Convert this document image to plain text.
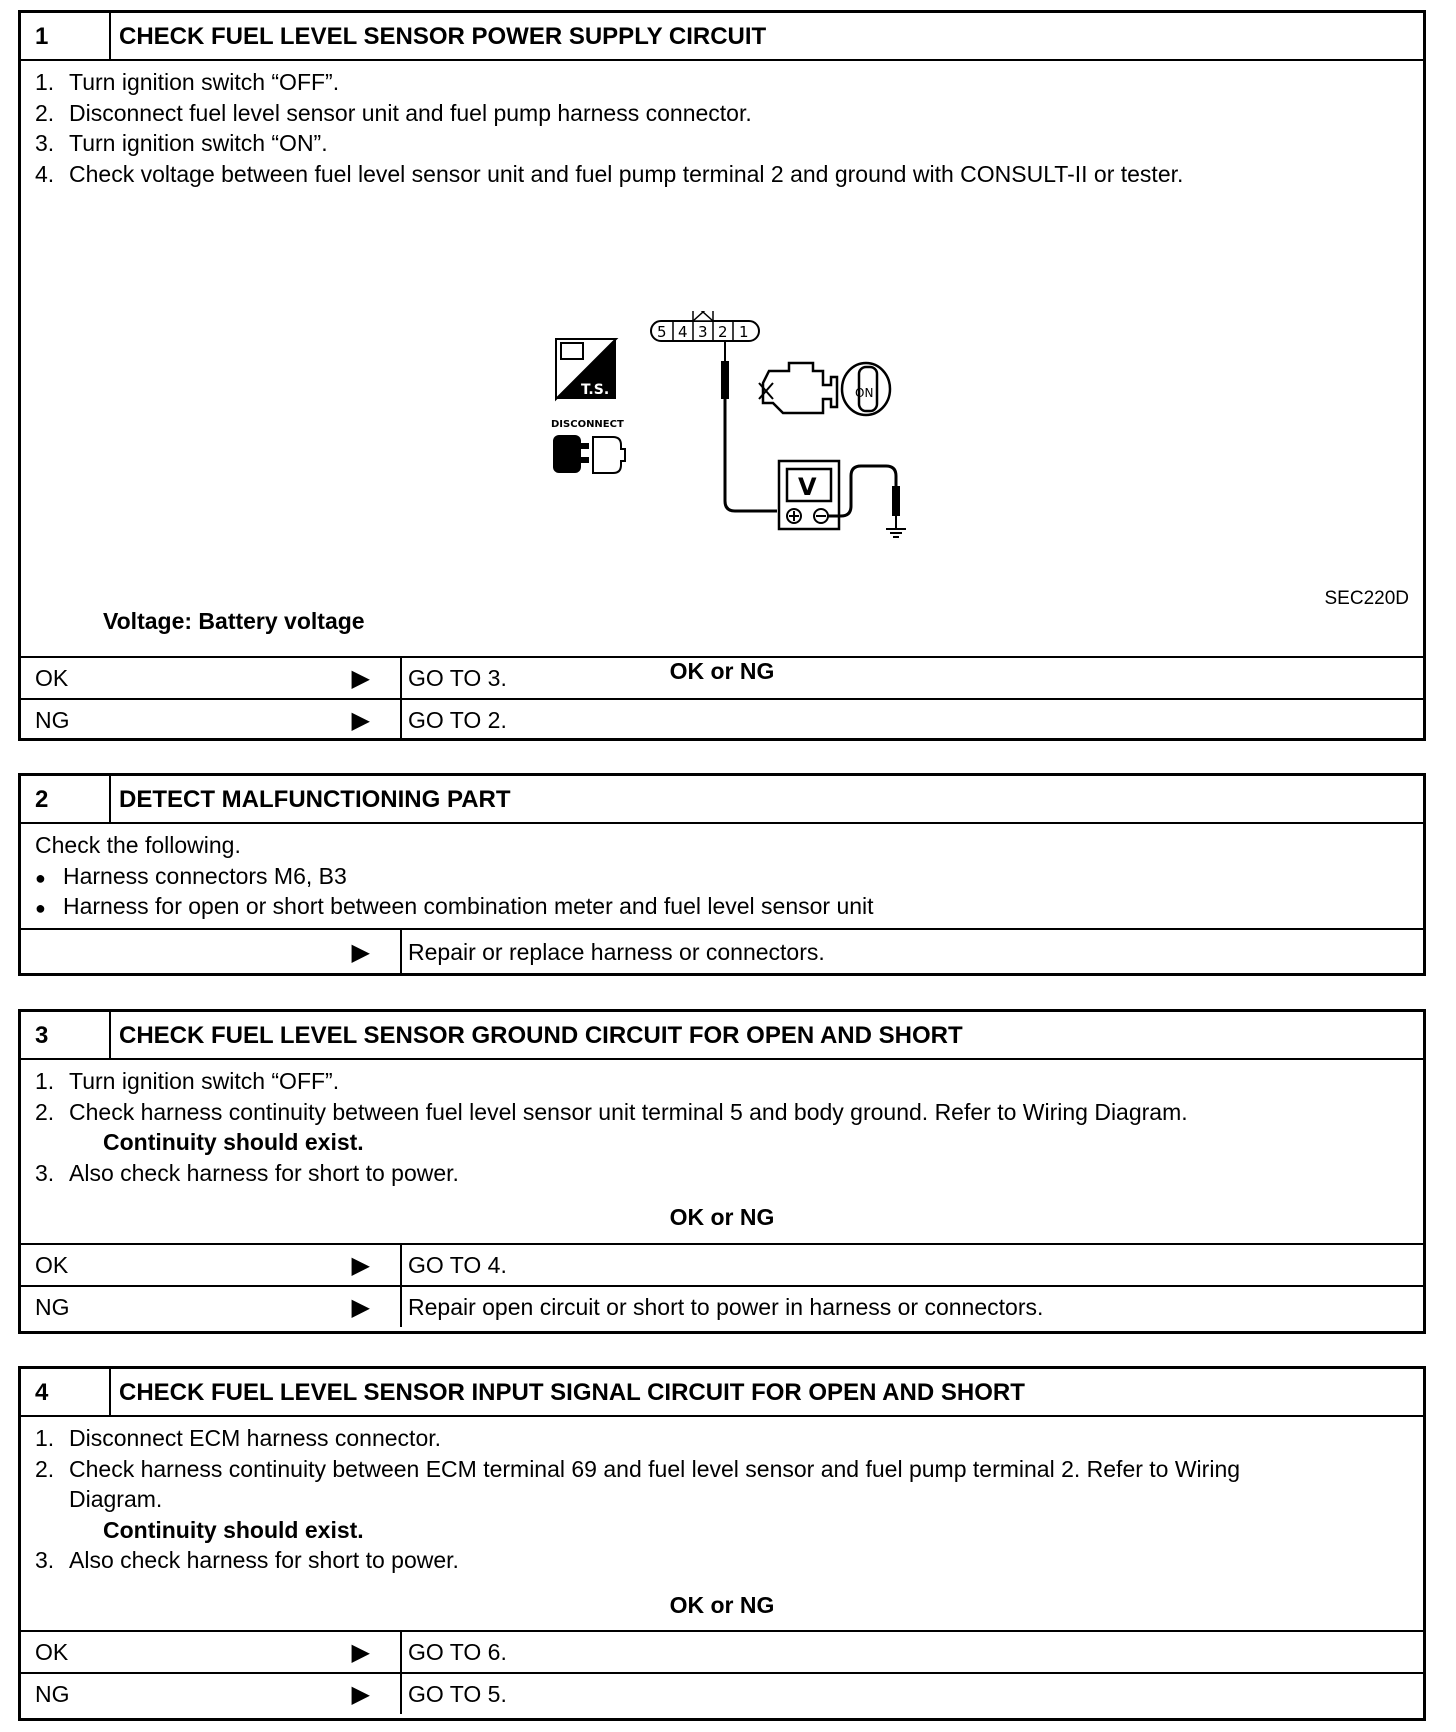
1	CHECK FUEL LEVEL SENSOR POWER SUPPLY CIRCUIT
1. Turn ignition switch “OFF”.
2. Disconnect fuel level sensor unit and fuel pump harness connector.
3. Turn ignition switch “ON”.
4. Check voltage between fuel level sensor unit and fuel pump terminal 2 and ground with CONSULT-II or tester.
T.S.
DISCONNECT
5 4 3 2 1
ON
V
SEC220D
Voltage: Battery voltage
OK or NG
OK	▶ GO TO 3.
NG	▶ GO TO 2.
2	DETECT MALFUNCTIONING PART
Check the following.
● Harness connectors M6, B3
● Harness for open or short between combination meter and fuel level sensor unit
▶ Repair or replace harness or connectors.
3	CHECK FUEL LEVEL SENSOR GROUND CIRCUIT FOR OPEN AND SHORT
1. Turn ignition switch “OFF”.
2. Check harness continuity between fuel level sensor unit terminal 5 and body ground. Refer to Wiring Diagram.
Continuity should exist.
3. Also check harness for short to power.
OK or NG
OK	▶ GO TO 4.
NG	▶ Repair open circuit or short to power in harness or connectors.
4	CHECK FUEL LEVEL SENSOR INPUT SIGNAL CIRCUIT FOR OPEN AND SHORT
1. Disconnect ECM harness connector.
2. Check harness continuity between ECM terminal 69 and fuel level sensor and fuel pump terminal 2. Refer to Wiring
Diagram.
Continuity should exist.
3. Also check harness for short to power.
OK or NG
OK	▶ GO TO 6.
NG	▶ GO TO 5.
